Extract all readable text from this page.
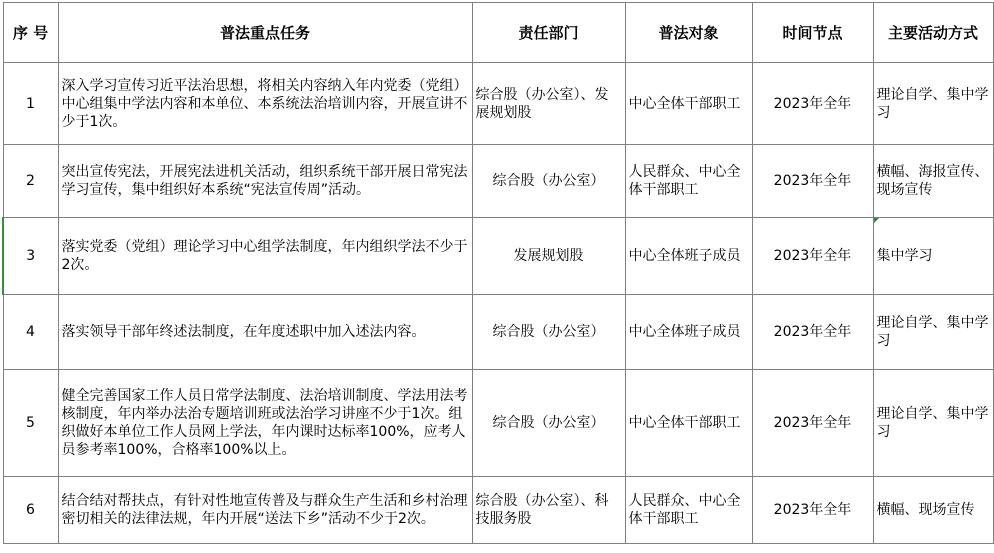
序 号	普法重点任务	责任部门	普法对象	时间节点	主要活动方式
1	深入学习宣传习近平法治思想，将相关内容纳入年内党委（党组）中心组集中学法内容和本单位、本系统法治培训内容，开展宣讲不少于1次。	综合股（办公室）、发展规划股	中心全体干部职工	2023年全年	理论自学、集中学习
2	突出宣传宪法，开展宪法进机关活动，组织系统干部开展日常宪法学习宣传，集中组织好本系统“宪法宣传周”活动。	综合股（办公室）	人民群众、中心全体干部职工	2023年全年	横幅、海报宣传、现场宣传
3	落实党委（党组）理论学习中心组学法制度，年内组织学法不少于2次。	发展规划股	中心全体班子成员	2023年全年	集中学习
4	落实领导干部年终述法制度，在年度述职中加入述法内容。	综合股（办公室）	中心全体班子成员	2023年全年	理论自学、集中学习
5	健全完善国家工作人员日常学法制度、法治培训制度、学法用法考核制度，年内举办法治专题培训班或法治学习讲座不少于1次。组织做好本单位工作人员网上学法，年内课时达标率100%，应考人员参考率100%，合格率100%以上。	综合股（办公室）	中心全体干部职工	2023年全年	理论自学、集中学习
6	结合结对帮扶点，有针对性地宣传普及与群众生产生活和乡村治理密切相关的法律法规，年内开展“送法下乡”活动不少于2次。	综合股（办公室）、科技服务股	人民群众、中心全体干部职工	2023年全年	横幅、现场宣传
